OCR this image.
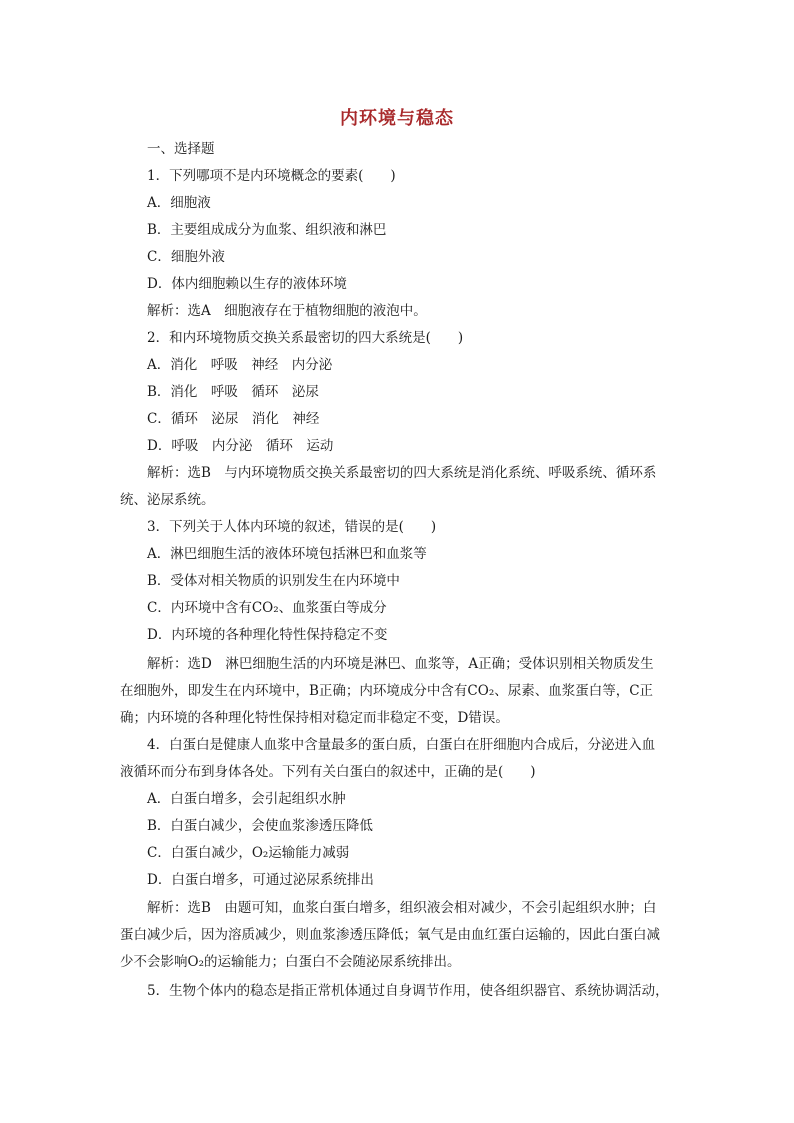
内环境与稳态
一、选择题
1．下列哪项不是内环境概念的要素(　　)
A．细胞液
B．主要组成成分为血浆、组织液和淋巴
C．细胞外液
D．体内细胞赖以生存的液体环境
解析：选A　细胞液存在于植物细胞的液泡中。
2．和内环境物质交换关系最密切的四大系统是(　　)
A．消化　呼吸　神经　内分泌
B．消化　呼吸　循环　泌尿
C．循环　泌尿　消化　神经
D．呼吸　内分泌　循环　运动
解析：选B　与内环境物质交换关系最密切的四大系统是消化系统、呼吸系统、循环系
统、泌尿系统。
3．下列关于人体内环境的叙述，错误的是(　　)
A．淋巴细胞生活的液体环境包括淋巴和血浆等
B．受体对相关物质的识别发生在内环境中
C．内环境中含有CO₂、血浆蛋白等成分
D．内环境的各种理化特性保持稳定不变
解析：选D　淋巴细胞生活的内环境是淋巴、血浆等，A正确；受体识别相关物质发生
在细胞外，即发生在内环境中，B正确；内环境成分中含有CO₂、尿素、血浆蛋白等，C正
确；内环境的各种理化特性保持相对稳定而非稳定不变，D错误。
4．白蛋白是健康人血浆中含量最多的蛋白质，白蛋白在肝细胞内合成后，分泌进入血
液循环而分布到身体各处。下列有关白蛋白的叙述中，正确的是(　　)
A．白蛋白增多，会引起组织水肿
B．白蛋白减少，会使血浆渗透压降低
C．白蛋白减少，O₂运输能力减弱
D．白蛋白增多，可通过泌尿系统排出
解析：选B　由题可知，血浆白蛋白增多，组织液会相对减少，不会引起组织水肿；白
蛋白减少后，因为溶质减少，则血浆渗透压降低；氧气是由血红蛋白运输的，因此白蛋白减
少不会影响O₂的运输能力；白蛋白不会随泌尿系统排出。
5．生物个体内的稳态是指正常机体通过自身调节作用，使各组织器官、系统协调活动，
